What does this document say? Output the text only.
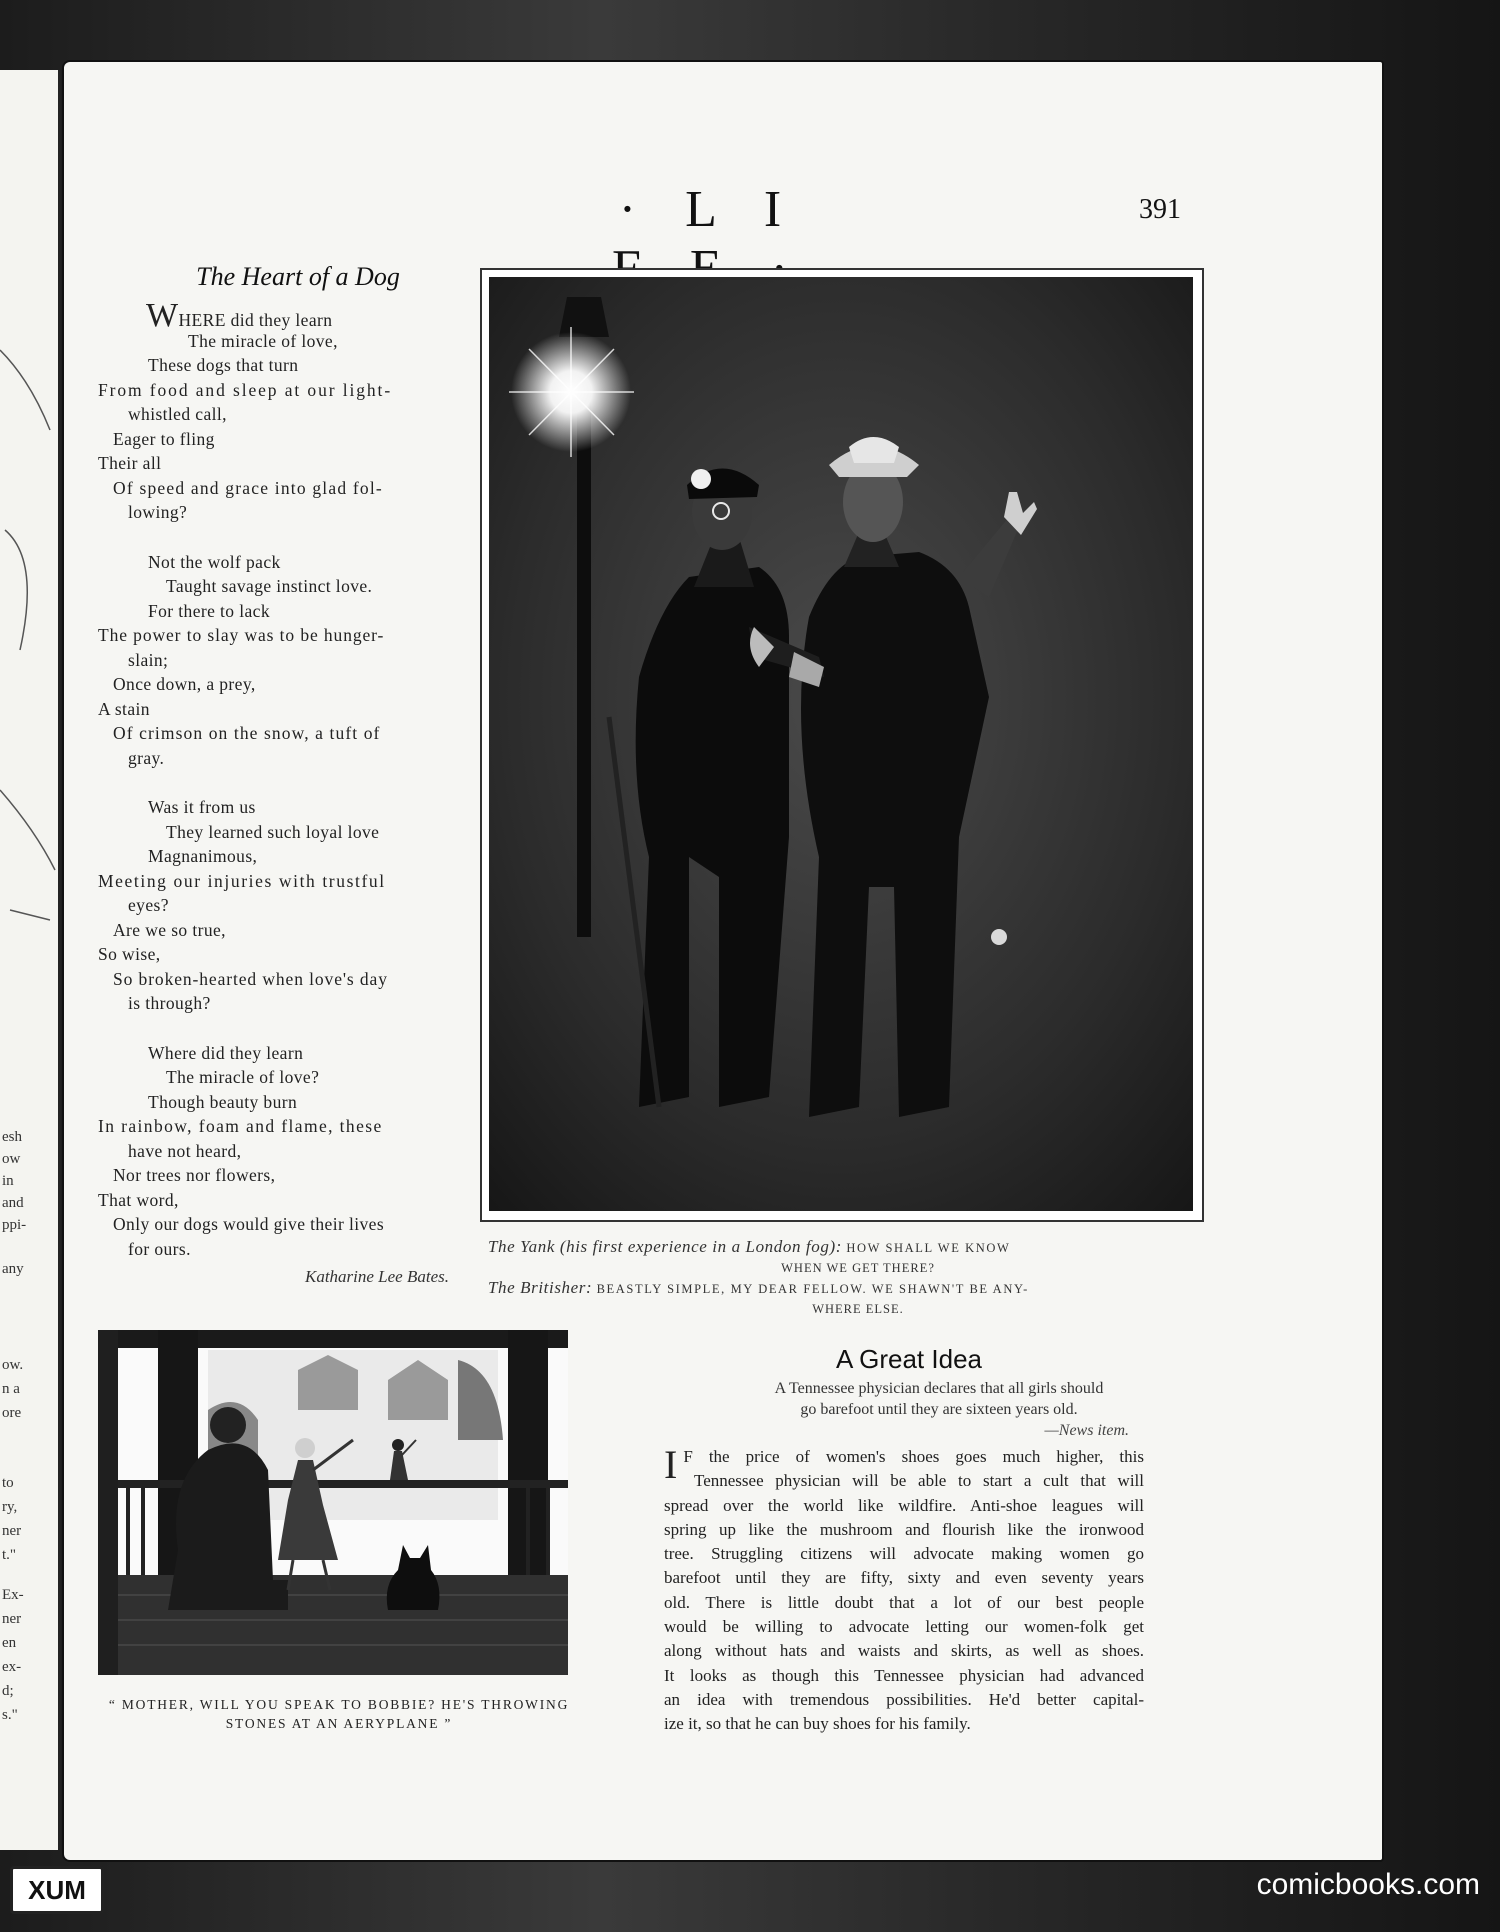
esh
ow
in
and
ppi-
any
ow.
n a
ore
to
ry,
ner
t."
Ex-
ner
en
ex-
d;
s."
· L I	391
The Heart of a Dog
WHERE did they learn
The miracle of love,
These dogs that turn
From food and sleep at our light-
whistled call,
Eager to fling
Their all
Of speed and grace into glad fol-
lowing?
Not the wolf pack
Taught savage instinct love.
For there to lack
The power to slay was to be hunger-
slain;
Once down, a prey,
A stain
Of crimson on the snow, a tuft of
gray.
Was it from us
They learned such loyal love
Magnanimous,
Meeting our injuries with trustful
eyes?
Are we so true,
So wise,
So broken-hearted when love's day
is through?
Where did they learn
The miracle of love?
Though beauty burn
In rainbow, foam and flame, these
have not heard,
Nor trees nor flowers,
That word,
Only our dogs would give their lives
for ours.
Katharine Lee Bates.
The Yank (his first experience in a London fog): HOW SHALL WE KNOW
WHEN WE GET THERE?
The Britisher: BEASTLY SIMPLE, MY DEAR FELLOW. WE SHAWN'T BE ANY-
WHERE ELSE.
“ MOTHER, WILL YOU SPEAK TO BOBBIE? HE'S THROWING
STONES AT AN AERYPLANE ”
A Great Idea
A Tennessee physician declares that all girls should
go barefoot until they are sixteen years old.
—News item.
I F the price of women's shoes goes much higher, this
Tennessee physician will be able to start a cult that will
spread over the world like wildfire. Anti-shoe leagues will
spring up like the mushroom and flourish like the ironwood
tree. Struggling citizens will advocate making women go
barefoot until they are fifty, sixty and even seventy years
old. There is little doubt that a lot of our best people
would be willing to advocate letting our women-folk get
along without hats and waists and skirts, as well as shoes.
It looks as though this Tennessee physician had advanced
an idea with tremendous possibilities. He'd better capital-
ize it, so that he can buy shoes for his family.
XUM	comicbooks.com
